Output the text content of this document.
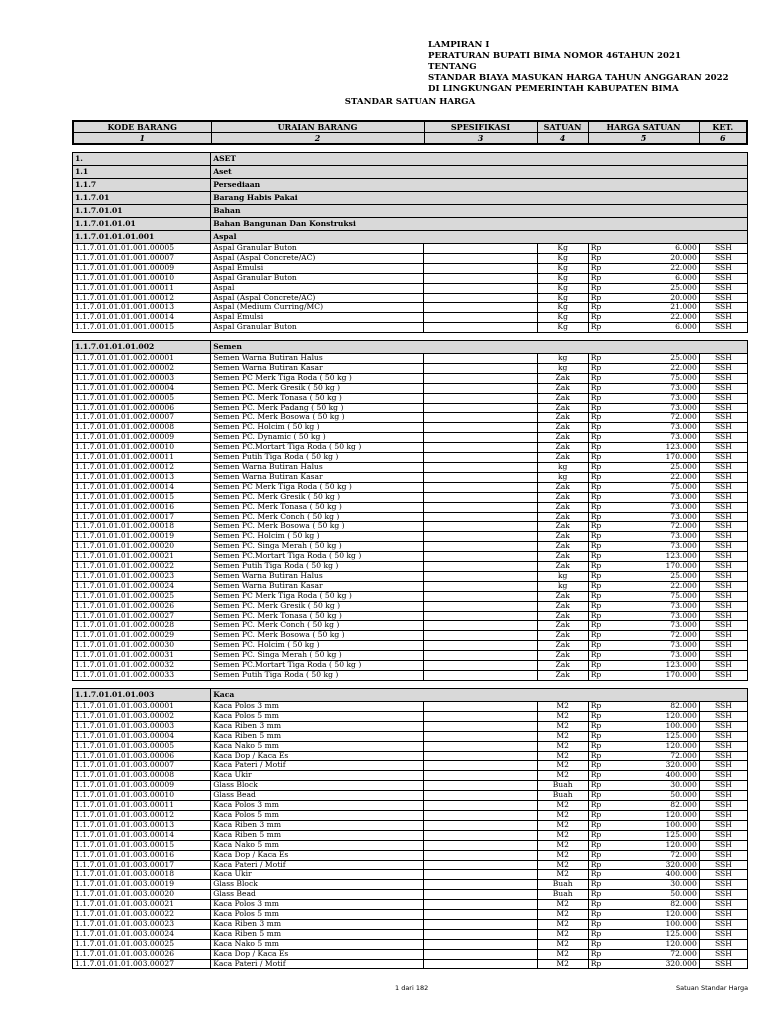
LAMPIRAN I
PERATURAN BUPATI BIMA NOMOR 46TAHUN 2021
TENTANG
STANDAR BIAYA MASUKAN HARGA TAHUN ANGGARAN 2022
DI LINGKUNGAN PEMERINTAH KABUPATEN BIMA
STANDAR SATUAN HARGA
KODE BARANG	URAIAN BARANG	SPESIFIKASI	SATUAN	HARGA SATUAN	KET.
1	2	3	4	5	6
1.	ASET					
1.1	Aset					
1.1.7	Persediaan					
1.1.7.01	Barang Habis Pakai					
1.1.7.01.01	Bahan					
1.1.7.01.01.01	Bahan Bangunan Dan Konstruksi					
1.1.7.01.01.01.001	Aspal					
1.1.7.01.01.01.001.00005	Aspal Granular Buton		Kg	Rp	6.000	SSH
1.1.7.01.01.01.001.00007	Aspal (Aspal Concrete/AC)		Kg	Rp	20.000	SSH
1.1.7.01.01.01.001.00009	Aspal Emulsi		Kg	Rp	22.000	SSH
1.1.7.01.01.01.001.00010	Aspal Granular Buton		Kg	Rp	6.000	SSH
1.1.7.01.01.01.001.00011	Aspal		Kg	Rp	25.000	SSH
1.1.7.01.01.01.001.00012	Aspal (Aspal Concrete/AC)		Kg	Rp	20.000	SSH
1.1.7.01.01.01.001.00013	Aspal (Medium Curring/MC)		Kg	Rp	21.000	SSH
1.1.7.01.01.01.001.00014	Aspal Emulsi		Kg	Rp	22.000	SSH
1.1.7.01.01.01.001.00015	Aspal Granular Buton		Kg	Rp	6.000	SSH
1.1.7.01.01.01.002	Semen					
1.1.7.01.01.01.002.00001	Semen Warna Butiran Halus		kg	Rp	25.000	SSH
1.1.7.01.01.01.002.00002	Semen Warna Butiran Kasar		kg	Rp	22.000	SSH
1.1.7.01.01.01.002.00003	Semen PC Merk Tiga Roda ( 50 kg )		Zak	Rp	75.000	SSH
1.1.7.01.01.01.002.00004	Semen PC. Merk Gresik ( 50 kg )		Zak	Rp	73.000	SSH
1.1.7.01.01.01.002.00005	Semen PC. Merk Tonasa ( 50 kg )		Zak	Rp	73.000	SSH
1.1.7.01.01.01.002.00006	Semen PC. Merk Padang ( 50 kg )		Zak	Rp	73.000	SSH
1.1.7.01.01.01.002.00007	Semen PC. Merk Bosowa ( 50 kg )		Zak	Rp	72.000	SSH
1.1.7.01.01.01.002.00008	Semen PC. Holcim ( 50 kg )		Zak	Rp	73.000	SSH
1.1.7.01.01.01.002.00009	Semen PC. Dynamic ( 50 kg )		Zak	Rp	73.000	SSH
1.1.7.01.01.01.002.00010	Semen PC.Mortart Tiga Roda ( 50 kg )		Zak	Rp	123.000	SSH
1.1.7.01.01.01.002.00011	Semen Putih Tiga Roda ( 50 kg )		Zak	Rp	170.000	SSH
1.1.7.01.01.01.002.00012	Semen Warna Butiran Halus		kg	Rp	25.000	SSH
1.1.7.01.01.01.002.00013	Semen Warna Butiran Kasar		kg	Rp	22.000	SSH
1.1.7.01.01.01.002.00014	Semen PC Merk Tiga Roda ( 50 kg )		Zak	Rp	75.000	SSH
1.1.7.01.01.01.002.00015	Semen PC. Merk Gresik ( 50 kg )		Zak	Rp	73.000	SSH
1.1.7.01.01.01.002.00016	Semen PC. Merk Tonasa ( 50 kg )		Zak	Rp	73.000	SSH
1.1.7.01.01.01.002.00017	Semen PC. Merk Conch ( 50 kg )		Zak	Rp	73.000	SSH
1.1.7.01.01.01.002.00018	Semen PC. Merk Bosowa ( 50 kg )		Zak	Rp	72.000	SSH
1.1.7.01.01.01.002.00019	Semen PC. Holcim ( 50 kg )		Zak	Rp	73.000	SSH
1.1.7.01.01.01.002.00020	Semen PC. Singa Merah ( 50 kg )		Zak	Rp	73.000	SSH
1.1.7.01.01.01.002.00021	Semen PC.Mortart Tiga Roda ( 50 kg )		Zak	Rp	123.000	SSH
1.1.7.01.01.01.002.00022	Semen Putih Tiga Roda ( 50 kg )		Zak	Rp	170.000	SSH
1.1.7.01.01.01.002.00023	Semen Warna Butiran Halus		kg	Rp	25.000	SSH
1.1.7.01.01.01.002.00024	Semen Warna Butiran Kasar		kg	Rp	22.000	SSH
1.1.7.01.01.01.002.00025	Semen PC Merk Tiga Roda ( 50 kg )		Zak	Rp	75.000	SSH
1.1.7.01.01.01.002.00026	Semen PC. Merk Gresik ( 50 kg )		Zak	Rp	73.000	SSH
1.1.7.01.01.01.002.00027	Semen PC. Merk Tonasa ( 50 kg )		Zak	Rp	73.000	SSH
1.1.7.01.01.01.002.00028	Semen PC. Merk Conch ( 50 kg )		Zak	Rp	73.000	SSH
1.1.7.01.01.01.002.00029	Semen PC. Merk Bosowa ( 50 kg )		Zak	Rp	72.000	SSH
1.1.7.01.01.01.002.00030	Semen PC. Holcim ( 50 kg )		Zak	Rp	73.000	SSH
1.1.7.01.01.01.002.00031	Semen PC. Singa Merah ( 50 kg )		Zak	Rp	73.000	SSH
1.1.7.01.01.01.002.00032	Semen PC.Mortart Tiga Roda ( 50 kg )		Zak	Rp	123.000	SSH
1.1.7.01.01.01.002.00033	Semen Putih Tiga Roda ( 50 kg )		Zak	Rp	170.000	SSH
1.1.7.01.01.01.003	Kaca					
1.1.7.01.01.01.003.00001	Kaca Polos 3 mm		M2	Rp	82.000	SSH
1.1.7.01.01.01.003.00002	Kaca Polos 5 mm		M2	Rp	120.000	SSH
1.1.7.01.01.01.003.00003	Kaca Riben 3 mm		M2	Rp	100.000	SSH
1.1.7.01.01.01.003.00004	Kaca Riben 5 mm		M2	Rp	125.000	SSH
1.1.7.01.01.01.003.00005	Kaca Nako 5 mm		M2	Rp	120.000	SSH
1.1.7.01.01.01.003.00006	Kaca Dop / Kaca Es		M2	Rp	72.000	SSH
1.1.7.01.01.01.003.00007	Kaca Pateri / Motif		M2	Rp	320.000	SSH
1.1.7.01.01.01.003.00008	Kaca Ukir		M2	Rp	400.000	SSH
1.1.7.01.01.01.003.00009	Glass Block		Buah	Rp	30.000	SSH
1.1.7.01.01.01.003.00010	Glass Bead		Buah	Rp	50.000	SSH
1.1.7.01.01.01.003.00011	Kaca Polos 3 mm		M2	Rp	82.000	SSH
1.1.7.01.01.01.003.00012	Kaca Polos 5 mm		M2	Rp	120.000	SSH
1.1.7.01.01.01.003.00013	Kaca Riben 3 mm		M2	Rp	100.000	SSH
1.1.7.01.01.01.003.00014	Kaca Riben 5 mm		M2	Rp	125.000	SSH
1.1.7.01.01.01.003.00015	Kaca Nako 5 mm		M2	Rp	120.000	SSH
1.1.7.01.01.01.003.00016	Kaca Dop / Kaca Es		M2	Rp	72.000	SSH
1.1.7.01.01.01.003.00017	Kaca Pateri / Motif		M2	Rp	320.000	SSH
1.1.7.01.01.01.003.00018	Kaca Ukir		M2	Rp	400.000	SSH
1.1.7.01.01.01.003.00019	Glass Block		Buah	Rp	30.000	SSH
1.1.7.01.01.01.003.00020	Glass Bead		Buah	Rp	50.000	SSH
1.1.7.01.01.01.003.00021	Kaca Polos 3 mm		M2	Rp	82.000	SSH
1.1.7.01.01.01.003.00022	Kaca Polos 5 mm		M2	Rp	120.000	SSH
1.1.7.01.01.01.003.00023	Kaca Riben 3 mm		M2	Rp	100.000	SSH
1.1.7.01.01.01.003.00024	Kaca Riben 5 mm		M2	Rp	125.000	SSH
1.1.7.01.01.01.003.00025	Kaca Nako 5 mm		M2	Rp	120.000	SSH
1.1.7.01.01.01.003.00026	Kaca Dop / Kaca Es		M2	Rp	72.000	SSH
1.1.7.01.01.01.003.00027	Kaca Pateri / Motif		M2	Rp	320.000	SSH
1 dari 182	Satuan Standar Harga
